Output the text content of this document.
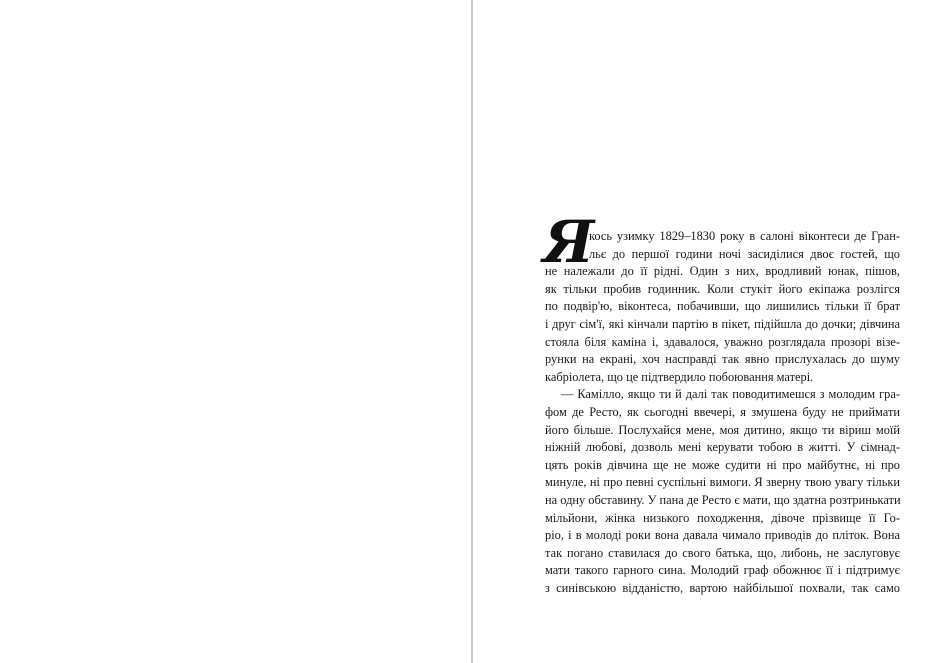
Я
кось узимку 1829–1830 року в салоні віконтеси де Гран-
льє до першої години ночі засиділися двоє гостей, що
не належали до її рідні. Один з них, вродливий юнак, пішов,
як тільки пробив годинник. Коли стукіт його екіпажа розлігся
по подвір'ю, віконтеса, побачивши, що лишились тільки її брат
і друг сім'ї, які кінчали партію в пікет, підійшла до дочки; дівчина
стояла біля каміна і, здавалося, уважно розглядала прозорі візе-
рунки на екрані, хоч насправді так явно прислухалась до шуму
кабріолета, що це підтвердило побоювання матері.
— Камілло, якщо ти й далі так поводитимешся з молодим гра-
фом де Ресто, як сьогодні ввечері, я змушена буду не приймати
його більше. Послухайся мене, моя дитино, якщо ти віриш моїй
ніжній любові, дозволь мені керувати тобою в житті. У сімнад-
цять років дівчина ще не може судити ні про майбутнє, ні про
минуле, ні про певні суспільні вимоги. Я зверну твою увагу тільки
на одну обставину. У пана де Ресто є мати, що здатна розтринькати
мільйони, жінка низького походження, дівоче прізвище її Го-
ріо, і в молоді роки вона давала чимало приводів до пліток. Вона
так погано ставилася до свого батька, що, либонь, не заслуговує
мати такого гарного сина. Молодий граф обожнює її і підтримує
з синівською відданістю, вартою найбільшої похвали, так само
